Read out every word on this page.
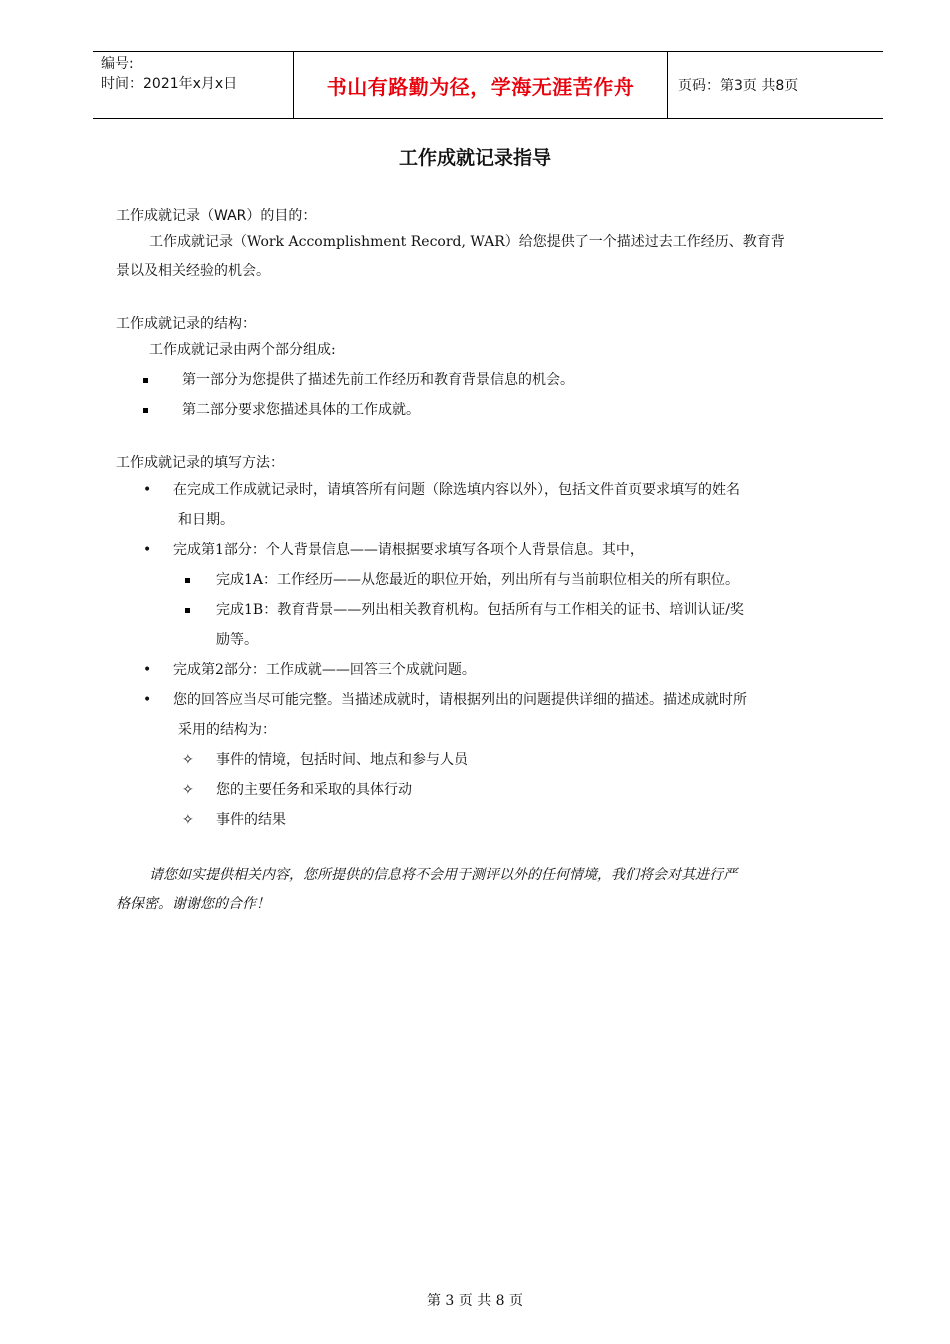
编号:
时间：2021年x月x日	书山有路勤为径，学海无涯苦作舟	页码：第3页 共8页
工作成就记录指导

工作成就记录（WAR）的目的：

工作成就记录（Work Accomplishment Record, WAR）给您提供了一个描述过去工作经历、教育背

景以及相关经验的机会。

工作成就记录的结构：

工作成就记录由两个部分组成:

第一部分为您提供了描述先前工作经历和教育背景信息的机会。
第二部分要求您描述具体的工作成就。

工作成就记录的填写方法：

•	在完成工作成就记录时，请填答所有问题（除选填内容以外），包括文件首页要求填写的姓名
和日期。
•	完成第1部分：个人背景信息——请根据要求填写各项个人背景信息。其中，
完成1A：工作经历——从您最近的职位开始，列出所有与当前职位相关的所有职位。
完成1B：教育背景——列出相关教育机构。包括所有与工作相关的证书、培训认证/奖
励等。
•	完成第2部分：工作成就——回答三个成就问题。
•	您的回答应当尽可能完整。当描述成就时，请根据列出的问题提供详细的描述。描述成就时所
采用的结构为：
✧	事件的情境，包括时间、地点和参与人员
✧	您的主要任务和采取的具体行动
✧	事件的结果

请您如实提供相关内容，您所提供的信息将不会用于测评以外的任何情境，我们将会对其进行严

格保密。谢谢您的合作！

第 3 页 共 8 页
